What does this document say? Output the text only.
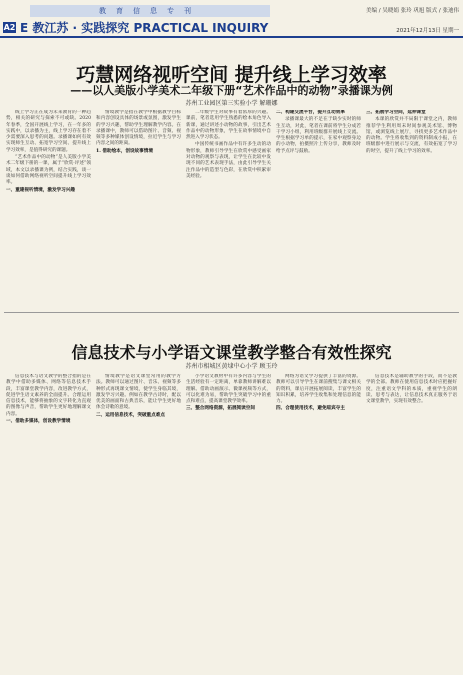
A2
教育信息专刊
E 教江苏 · 实践探究 PRACTICAL INQUIRY
美编 / 吴晓娟 张玲 巩旭 版式 / 张迪伟
2021年12月13日 星期一
巧慧网络视听空间 提升线上学习效率
——以人美版小学美术二年级下册“艺术作品中的动物”录播课为例
苏州工业园区第三实验小学 解珊娜

线上学习正在成为未来教育的一种趋势，相关的研究与探索不可或缺。2020年春季，全国开展线上学习，在一年多的实践中，以录播为主，线上学习存在着不少需要深入思考的问题。录播课如何有效实现师生互动、拓宽学习空间、提升线上学习效率，是值得研究的课题。

“艺术作品中的动物”是人美版小学美术二年级下册的一课，属于“欣赏·评述”领域，本文以录播课为例，结合实践，谈一谈如何借助网络视听空间提升线上学习效率。

一、重建视听情境，激发学习兴趣

情境教学是指在教学中根据教学目标和内容创设具体的场景或氛围，激发学生的学习兴趣，帮助学生理解教学内容。在录播课中，教师可以借助图片、音频、视频等多种媒体创设情境，拉近学生与学习内容之间的距离。

1. 借助绘本，创设故事情境

二年级学生对故事有着浓厚的兴趣。课前，笔者选用学生熟悉的绘本角色导入新课，通过讲述小动物的故事，引出艺术作品中的动物形象，学生在故事情境中自然进入学习状态。

中国传统书画作品中有许多生动的动物形象，教师引导学生在欣赏中感受画家对动物的观察与表现，让学生在比较中发现不同的艺术表现手法，由此引导学生关注作品中的造型与色彩，在欣赏中积累审美经验。

二、构建交流平台，提升互动效率

录播课最大的不足在于缺少实时的师生互动，对此，笔者在课前将学生分成若干学习小组，利用班级群开展线上交流。学生根据学习单的提示，在家中观察身边的小动物，拍摄照片上传分享，教师及时给予点评与鼓励。

三、拓展学习空间，延伸课堂

本课的欣赏并不局限于课堂之内，教师推荐学生利用周末时间参观美术馆、博物馆，或浏览线上展厅，寻找更多艺术作品中的动物。学生将收集到的资料制成小报，在班级群中进行展示与交流，有效拓宽了学习的时空，提升了线上学习的效率。

信息技术与小学语文课堂教学整合有效性探究
苏州市相城区黄埭中心小学 顾玉玲

信息技术与语文教学的整合指的是在教学中借助多媒体、网络等信息技术手段，丰富课堂教学内容，改进教学方式，促进学生语文素养的全面提升。合理运用信息技术，能够将抽象的文字转化为直观的图像与声音，帮助学生更好地理解课文内容。

一、借助多媒体，创设教学情境

情境教学是语文课堂常用的教学方法。教师可以通过图片、音乐、视频等多种形式再现课文情境，使学生身临其境，激发学习兴趣。例如在教学古诗时，配以优美的画面和古典音乐，能让学生更好地体会诗歌的意境。

二、运用信息技术，突破重点难点

小学语文教材中有许多内容与学生的生活经验有一定距离，单靠教师讲解难以理解。借助动画演示、微课视频等方式，可以化难为易，帮助学生突破学习中的重点和难点，提高课堂教学效率。

三、整合网络资源，拓展阅读空间

网络为语文学习提供了丰富的资源。教师可以引导学生在课前搜集与课文相关的资料，课后开展拓展阅读，丰富学生的知识积累，培养学生收集和处理信息的能力。

四、合理使用技术，避免喧宾夺主

信息技术是辅助教学的手段，而不是教学的全部。教师在使用信息技术时应把握好度，注重语文学科的本质，重视学生的朗读、思考与表达，让信息技术真正服务于语文课堂教学，实现有效整合。
